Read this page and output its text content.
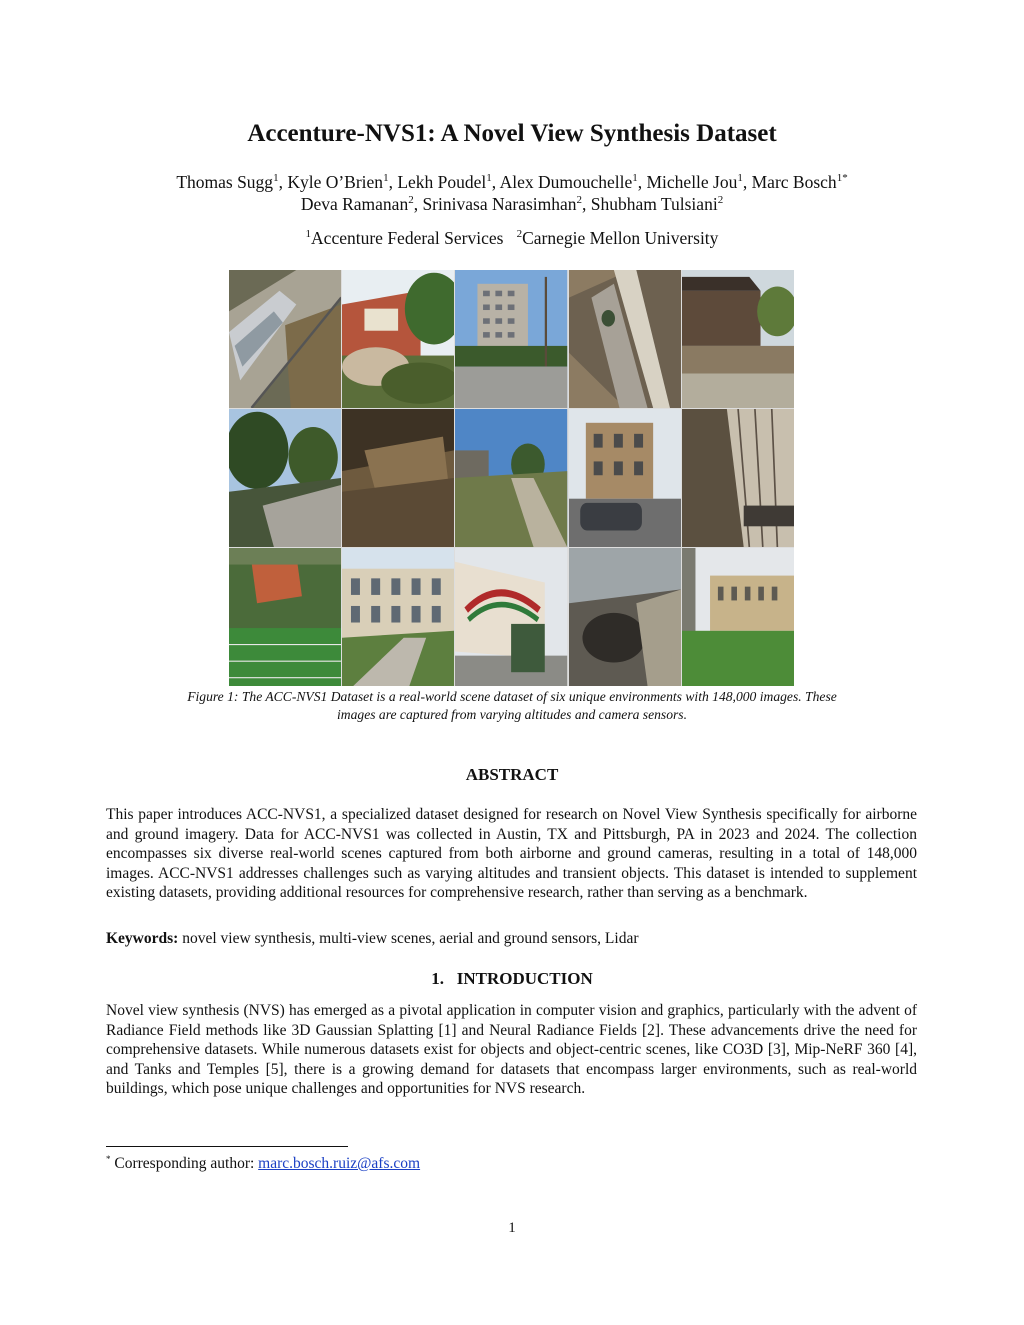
Accenture-NVS1: A Novel View Synthesis Dataset
Thomas Sugg$^1$, Kyle O’Brien$^1$, Lekh Poudel$^1$, Alex Dumouchelle$^1$, Michelle Jou$^1$, Marc Bosch$^{1*}$
Deva Ramanan$^2$, Srinivasa Narasimhan$^2$, Shubham Tulsiani$^2$
$^1$Accenture Federal Services $^2$Carnegie Mellon University
Figure 1: The ACC-NVS1 Dataset is a real-world scene dataset of six unique environments with 148,000 images. These
images are captured from varying altitudes and camera sensors.
ABSTRACT
This paper introduces ACC-NVS1, a specialized dataset designed for research on Novel View Synthesis specifically for airborne and ground imagery. Data for ACC-NVS1 was collected in Austin, TX and Pittsburgh, PA in 2023 and 2024. The collection encompasses six diverse real-world scenes captured from both airborne and ground cameras, resulting in a total of 148,000 images. ACC-NVS1 addresses challenges such as varying altitudes and transient objects. This dataset is intended to supplement existing datasets, providing additional resources for comprehensive research, rather than serving as a benchmark.
Keywords: novel view synthesis, multi-view scenes, aerial and ground sensors, Lidar
1.   INTRODUCTION
Novel view synthesis (NVS) has emerged as a pivotal application in computer vision and graphics, particularly with the advent of Radiance Field methods like 3D Gaussian Splatting [1] and Neural Radiance Fields [2]. These advancements drive the need for comprehensive datasets. While numerous datasets exist for objects and object-centric scenes, like CO3D [3], Mip-NeRF 360 [4], and Tanks and Temples [5], there is a growing demand for datasets that encompass larger environments, such as real-world buildings, which pose unique challenges and opportunities for NVS research.
* Corresponding author: marc.bosch.ruiz@afs.com
1
